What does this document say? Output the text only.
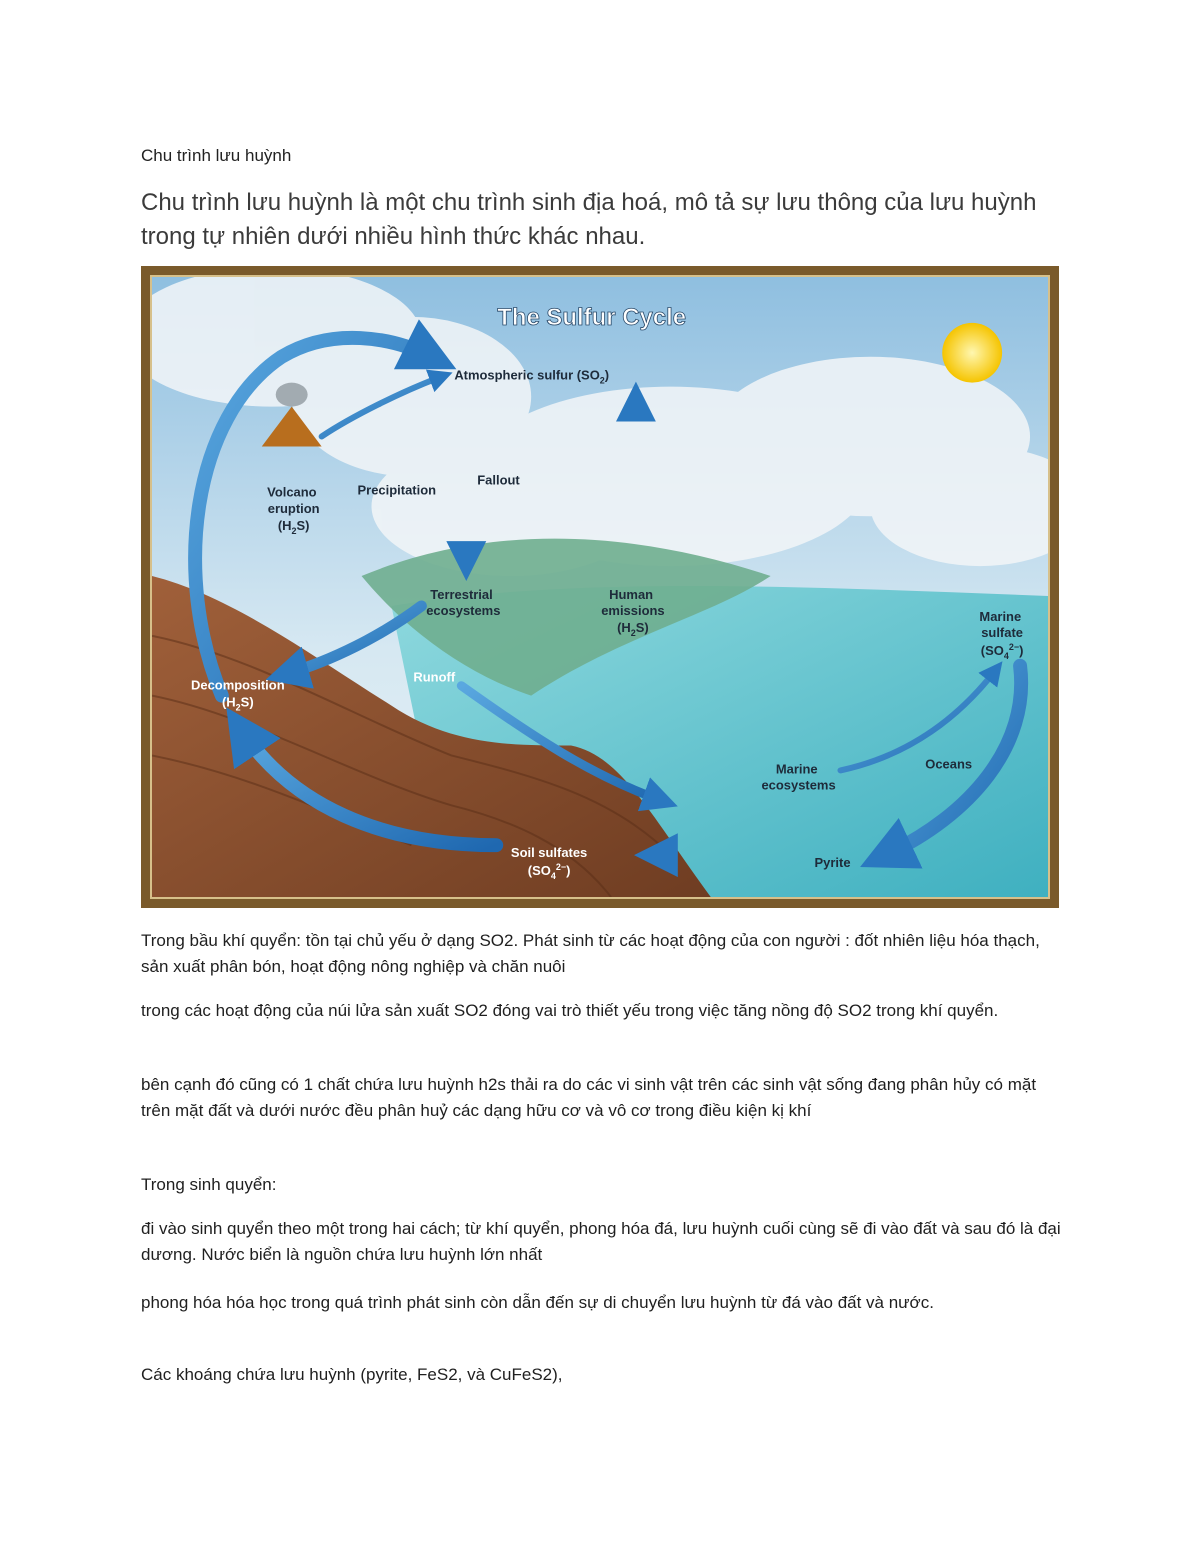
Chu trình lưu huỳnh
Chu trình lưu huỳnh là một chu trình sinh địa hoá, mô tả sự lưu thông của lưu huỳnh trong tự nhiên dưới nhiều hình thức khác nhau.
The Sulfur Cycle
Atmospheric sulfur $(SO_2)$
Volcano eruption
$(H_2S)$
Precipitation
Fallout
Terrestrial ecosystems
Human emissions
$(H_2S)$
Marine sulfate
$(SO_4^{2-})$
Decomposition
$(H_2S)$
Runoff
Oceans
Marine ecosystems
Soil sulfates
$(SO_4^{2-})$
Pyrite
Trong bầu khí quyển: tồn tại chủ yếu ở dạng SO2. Phát sinh từ các hoạt động của con người : đốt nhiên liệu hóa thạch, sản xuất phân bón, hoạt động nông nghiệp và chăn nuôi
trong các hoạt động của núi lửa sản xuất SO2 đóng vai trò thiết yếu trong việc tăng nồng độ SO2 trong khí quyển.
bên cạnh đó cũng có 1 chất chứa lưu huỳnh h2s thải ra do các vi sinh vật trên các sinh vật sống đang phân hủy có mặt trên mặt đất và dưới nước đều phân huỷ các dạng hữu cơ và vô cơ trong điều kiện kị khí
Trong sinh quyển:
đi vào sinh quyển theo một trong hai cách; từ khí quyển, phong hóa đá, lưu huỳnh cuối cùng sẽ đi vào đất và sau đó là đại dương. Nước biển là nguồn chứa lưu huỳnh lớn nhất
phong hóa hóa học trong quá trình phát sinh còn dẫn đến sự di chuyển lưu huỳnh từ đá vào đất và nước.
Các khoáng chứa lưu huỳnh (pyrite, FeS2, và CuFeS2),
